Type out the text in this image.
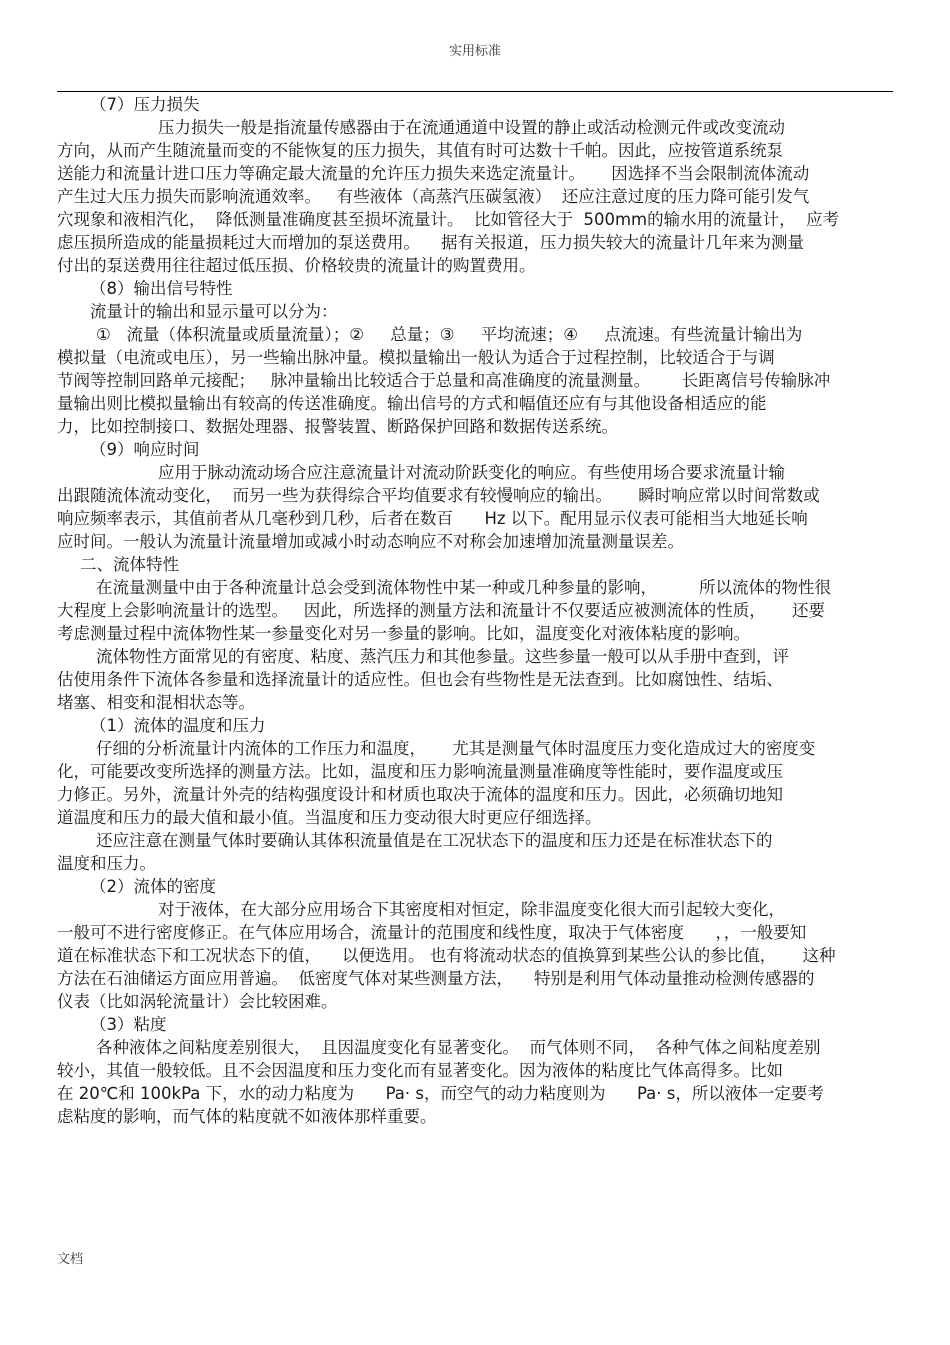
实用标准
（7）压力损失
压力损失一般是指流量传感器由于在流通通道中设置的静止或活动检测元件或改变流动
方向，从而产生随流量而变的不能恢复的压力损失，其值有时可达数十千帕。因此，应按管道系统泵
送能力和流量计进口压力等确定最大流量的允许压力损失来选定流量计。     因选择不当会限制流体流动
产生过大压力损失而影响流通效率。   有些液体（高蒸汽压碳氢液）  还应注意过度的压力降可能引发气
穴现象和液相汽化，  降低测量准确度甚至损坏流量计。  比如管径大于  500mm的输水用的流量计，  应考
虑压损所造成的能量损耗过大而增加的泵送费用。    据有关报道，压力损失较大的流量计几年来为测量
付出的泵送费用往往超过低压损、价格较贵的流量计的购置费用。
（8）输出信号特性
流量计的输出和显示量可以分为：
①   流量（体积流量或质量流量）；②     总量；③     平均流速；④     点流速。有些流量计输出为
模拟量（电流或电压），另一些输出脉冲量。模拟量输出一般认为适合于过程控制，比较适合于与调
节阀等控制回路单元接配；   脉冲量输出比较适合于总量和高准确度的流量测量。      长距离信号传输脉冲
量输出则比模拟量输出有较高的传送准确度。输出信号的方式和幅值还应有与其他设备相适应的能
力，比如控制接口、数据处理器、报警装置、断路保护回路和数据传送系统。
（9）响应时间
应用于脉动流动场合应注意流量计对流动阶跃变化的响应。有些使用场合要求流量计输
出跟随流体流动变化，  而另一些为获得综合平均值要求有较慢响应的输出。     瞬时响应常以时间常数或
响应频率表示，其值前者从几毫秒到几秒，后者在数百      Hz 以下。配用显示仪表可能相当大地延长响
应时间。一般认为流量计流量增加或减小时动态响应不对称会加速增加流量测量误差。
二、流体特性
在流量测量中由于各种流量计总会受到流体物性中某一种或几种参量的影响，        所以流体的物性很
大程度上会影响流量计的选型。   因此，所选择的测量方法和流量计不仅要适应被测流体的性质，     还要
考虑测量过程中流体物性某一参量变化对另一参量的影响。比如，温度变化对液体粘度的影响。
流体物性方面常见的有密度、粘度、蒸汽压力和其他参量。这些参量一般可以从手册中查到，评
估使用条件下流体各参量和选择流量计的适应性。但也会有些物性是无法查到。比如腐蚀性、结垢、
堵塞、相变和混相状态等。
（1）流体的温度和压力
仔细的分析流量计内流体的工作压力和温度，     尤其是测量气体时温度压力变化造成过大的密度变
化，可能要改变所选择的测量方法。比如，温度和压力影响流量测量准确度等性能时，要作温度或压
力修正。另外，流量计外壳的结构强度设计和材质也取决于流体的温度和压力。因此，必须确切地知
道温度和压力的最大值和最小值。当温度和压力变动很大时更应仔细选择。
还应注意在测量气体时要确认其体积流量值是在工况状态下的温度和压力还是在标准状态下的
温度和压力。
（2）流体的密度
对于液体，在大部分应用场合下其密度相对恒定，除非温度变化很大而引起较大变化，
一般可不进行密度修正。在气体应用场合，流量计的范围度和线性度，取决于气体密度      ，，一般要知
道在标准状态下和工况状态下的值，    以便选用。 也有将流动状态的值换算到某些公认的参比值，     这种
方法在石油储运方面应用普遍。  低密度气体对某些测量方法，    特别是利用气体动量推动检测传感器的
仪表（比如涡轮流量计）会比较困难。
（3）粘度
各种液体之间粘度差别很大，  且因温度变化有显著变化。  而气体则不同，  各种气体之间粘度差别
较小，其值一般较低。且不会因温度和压力变化而有显著变化。因为液体的粘度比气体高得多。比如
在 20℃和 100kPa 下，水的动力粘度为      Pa· s，而空气的动力粘度则为      Pa· s，所以液体一定要考
虑粘度的影响，而气体的粘度就不如液体那样重要。
文档
